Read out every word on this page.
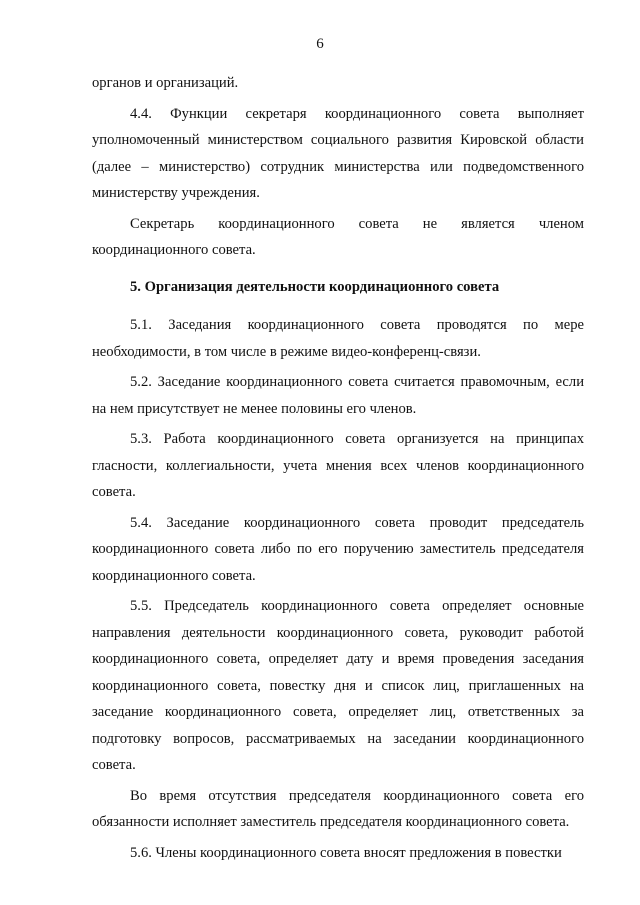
6

органов и организаций.

4.4. Функции секретаря координационного совета выполняет уполномоченный министерством социального развития Кировской области (далее – министерство) сотрудник министерства или подведомственного министерству учреждения.

Секретарь координационного совета не является членом координационного совета.

5. Организация деятельности координационного совета

5.1. Заседания координационного совета проводятся по мере необходимости, в том числе в режиме видео-конференц-связи.

5.2. Заседание координационного совета считается правомочным, если на нем присутствует не менее половины его членов.

5.3. Работа координационного совета организуется на принципах гласности, коллегиальности, учета мнения всех членов координационного совета.

5.4. Заседание координационного совета проводит председатель координационного совета либо по его поручению заместитель председателя координационного совета.

5.5. Председатель координационного совета определяет основные направления деятельности координационного совета, руководит работой координационного совета, определяет дату и время проведения заседания координационного совета, повестку дня и список лиц, приглашенных на заседание координационного совета, определяет лиц, ответственных за подготовку вопросов, рассматриваемых на заседании координационного совета.

Во время отсутствия председателя координационного совета его обязанности исполняет заместитель председателя координационного совета.

5.6. Члены координационного совета вносят предложения в повестки
